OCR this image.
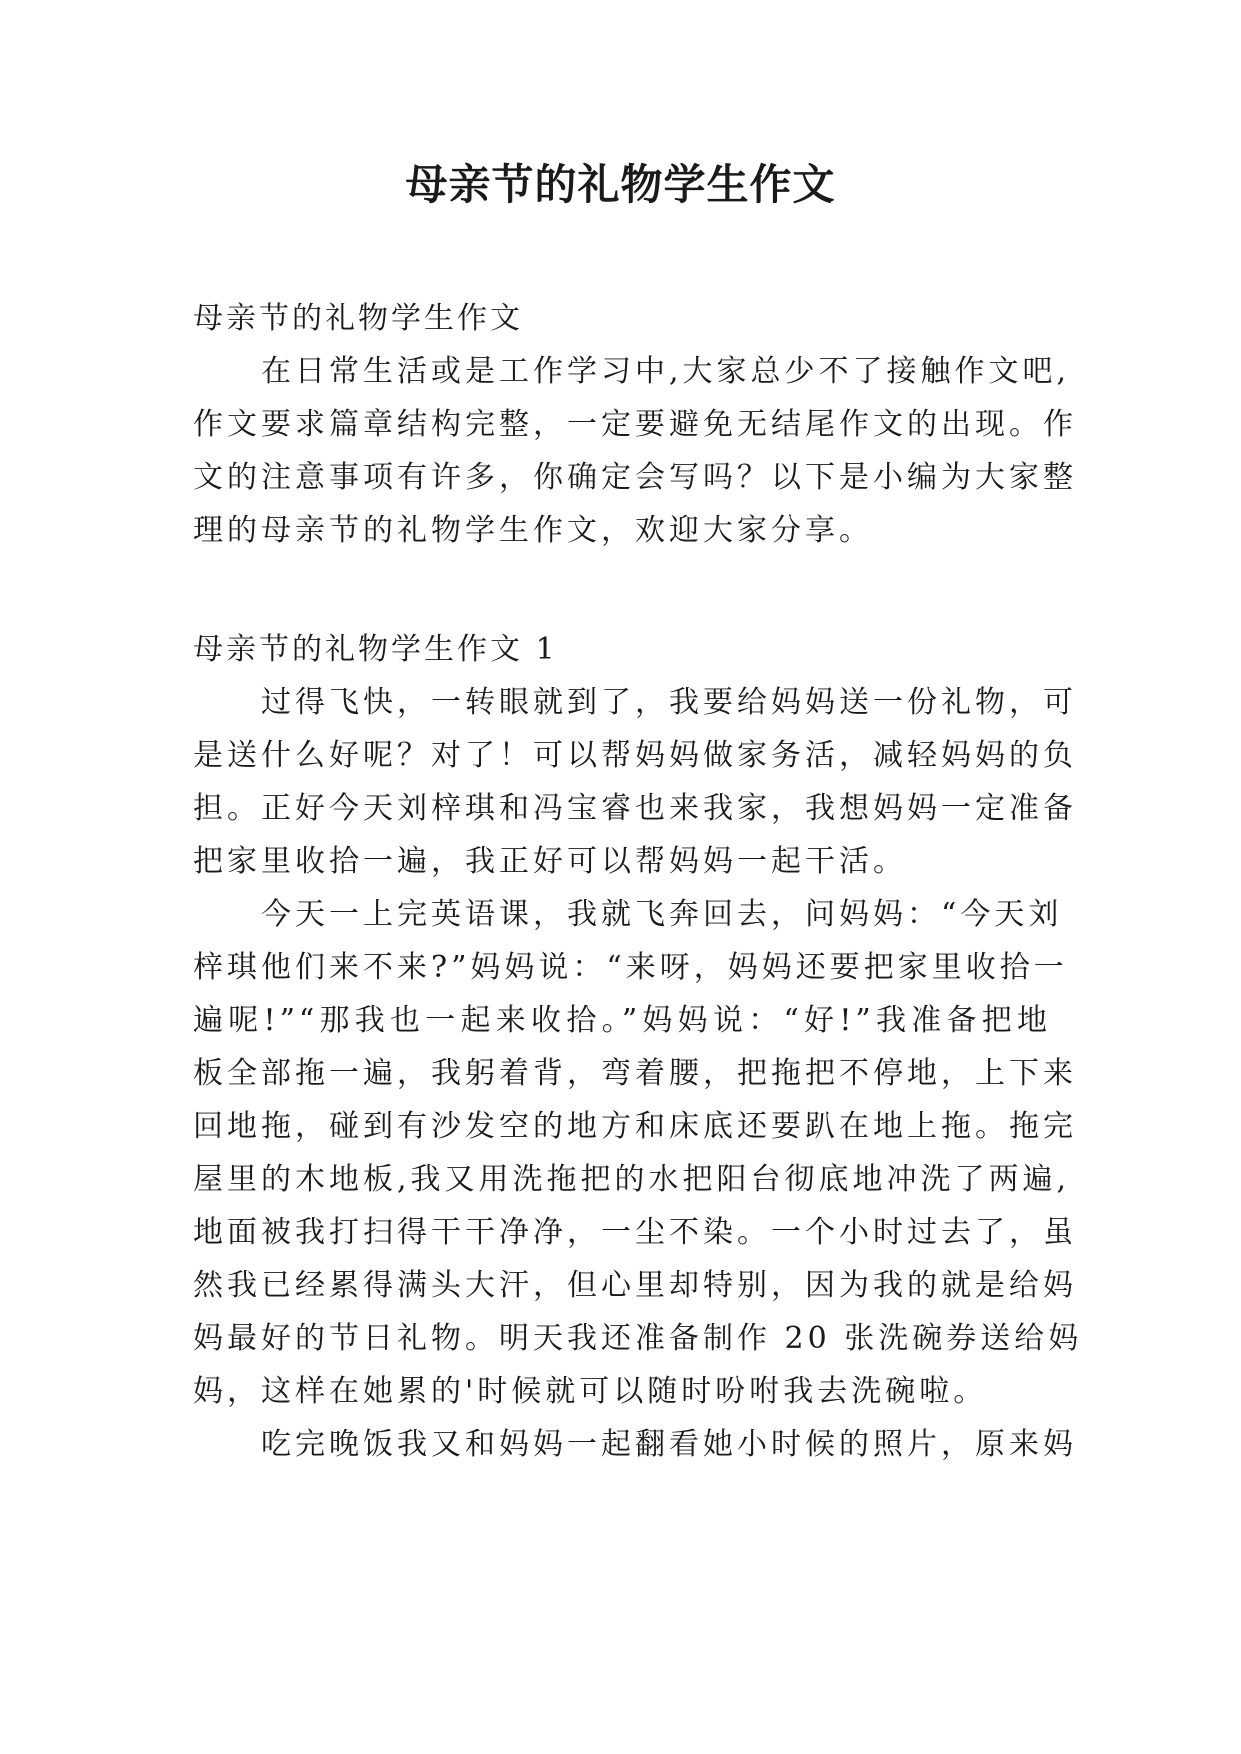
母亲节的礼物学生作文
母亲节的礼物学生作文
在日常生活或是工作学习中,大家总少不了接触作文吧,
作文要求篇章结构完整，一定要避免无结尾作文的出现。作
文的注意事项有许多，你确定会写吗？以下是小编为大家整
理的母亲节的礼物学生作文，欢迎大家分享。
母亲节的礼物学生作文 1
过得飞快，一转眼就到了，我要给妈妈送一份礼物，可
是送什么好呢？对了！可以帮妈妈做家务活，减轻妈妈的负
担。正好今天刘梓琪和冯宝睿也来我家，我想妈妈一定准备
把家里收拾一遍，我正好可以帮妈妈一起干活。
今天一上完英语课，我就飞奔回去，问妈妈：“今天刘
梓琪他们来不来?”妈妈说：“来呀，妈妈还要把家里收拾一
遍呢!”“那我也一起来收拾。”妈妈说：“好!”我准备把地
板全部拖一遍，我躬着背，弯着腰，把拖把不停地，上下来
回地拖，碰到有沙发空的地方和床底还要趴在地上拖。拖完
屋里的木地板,我又用洗拖把的水把阳台彻底地冲洗了两遍,
地面被我打扫得干干净净，一尘不染。一个小时过去了，虽
然我已经累得满头大汗，但心里却特别，因为我的就是给妈
妈最好的节日礼物。明天我还准备制作 20 张洗碗券送给妈
妈，这样在她累的'时候就可以随时吩咐我去洗碗啦。
吃完晚饭我又和妈妈一起翻看她小时候的照片，原来妈
